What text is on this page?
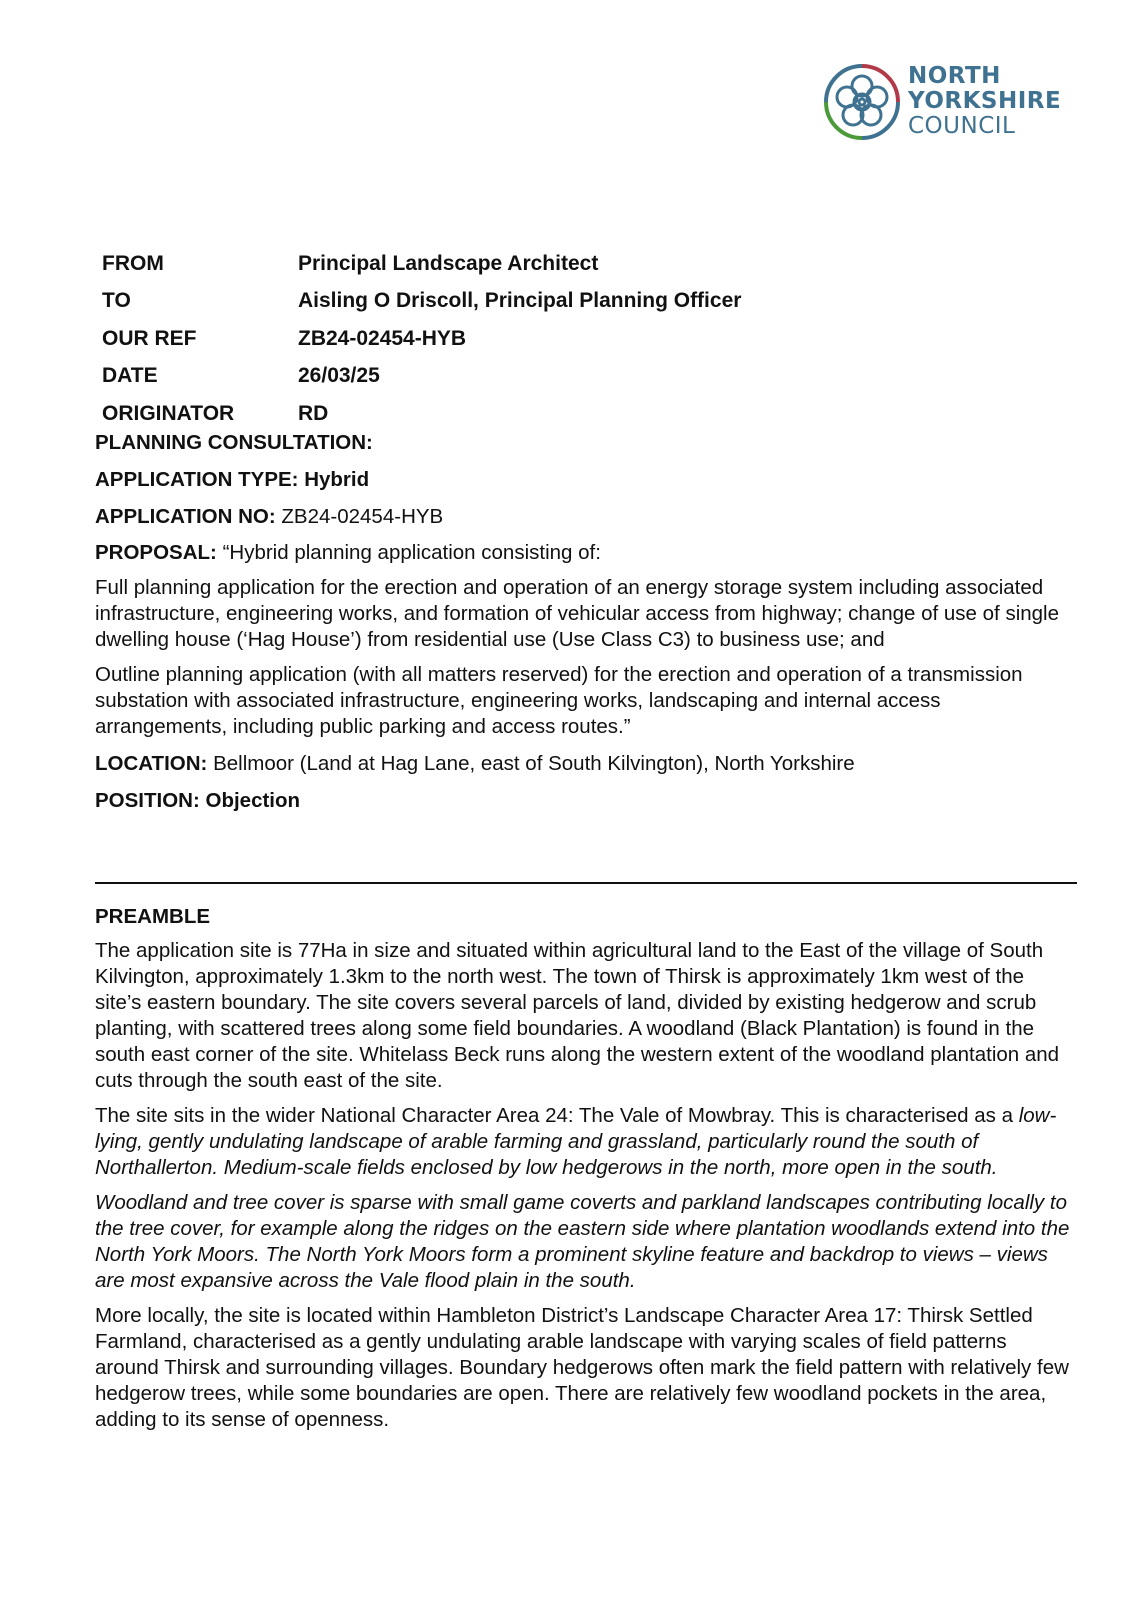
NORTH
YORKSHIRE
COUNCIL
FROM	Principal Landscape Architect
TO	Aisling O Driscoll, Principal Planning Officer
OUR REF	ZB24-02454-HYB
DATE	26/03/25
ORIGINATOR	RD
PLANNING CONSULTATION:
APPLICATION TYPE: Hybrid
APPLICATION NO: ZB24-02454-HYB
PROPOSAL: “Hybrid planning application consisting of:

Full planning application for the erection and operation of an energy storage system including associated infrastructure, engineering works, and formation of vehicular access from highway; change of use of single dwelling house (‘Hag House’) from residential use (Use Class C3) to business use; and

Outline planning application (with all matters reserved) for the erection and operation of a transmission substation with associated infrastructure, engineering works, landscaping and internal access arrangements, including public parking and access routes.”

LOCATION: Bellmoor (Land at Hag Lane, east of South Kilvington), North Yorkshire
POSITION: Objection
PREAMBLE

The application site is 77Ha in size and situated within agricultural land to the East of the village of South Kilvington, approximately 1.3km to the north west. The town of Thirsk is approximately 1km west of the site’s eastern boundary. The site covers several parcels of land, divided by existing hedgerow and scrub planting, with scattered trees along some field boundaries. A woodland (Black Plantation) is found in the south east corner of the site. Whitelass Beck runs along the western extent of the woodland plantation and cuts through the south east of the site.

The site sits in the wider National Character Area 24: The Vale of Mowbray. This is characterised as a low-lying, gently undulating landscape of arable farming and grassland, particularly round the south of Northallerton. Medium-scale fields enclosed by low hedgerows in the north, more open in the south.

Woodland and tree cover is sparse with small game coverts and parkland landscapes contributing locally to the tree cover, for example along the ridges on the eastern side where plantation woodlands extend into the North York Moors. The North York Moors form a prominent skyline feature and backdrop to views – views are most expansive across the Vale flood plain in the south.

More locally, the site is located within Hambleton District’s Landscape Character Area 17: Thirsk Settled Farmland, characterised as a gently undulating arable landscape with varying scales of field patterns around Thirsk and surrounding villages. Boundary hedgerows often mark the field pattern with relatively few hedgerow trees, while some boundaries are open. There are relatively few woodland pockets in the area, adding to its sense of openness.
